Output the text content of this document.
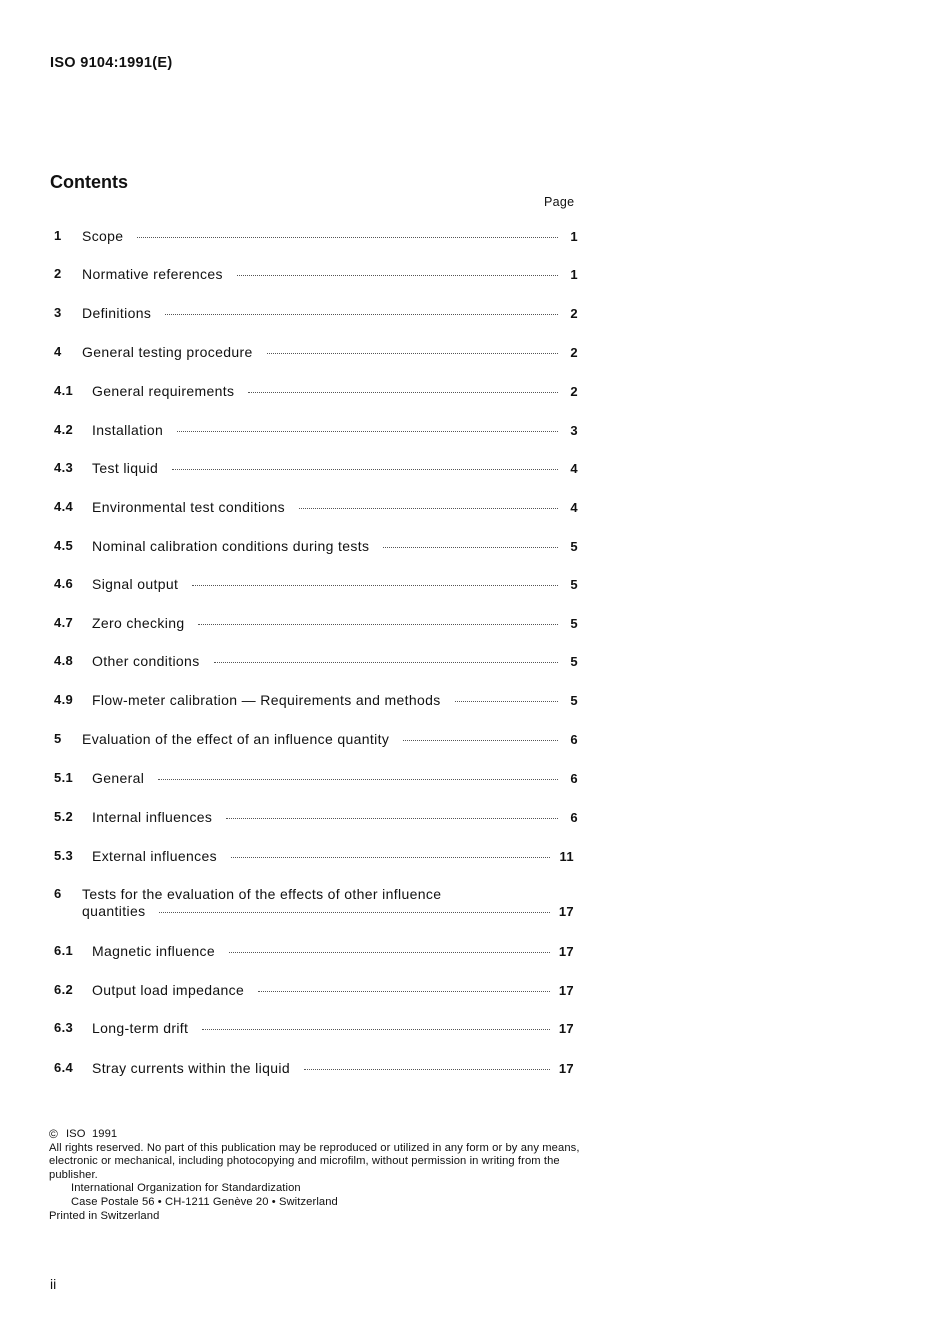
ISO 9104:1991(E)
Contents
Page
1 Scope	1
2 Normative references	1
3 Definitions	2
4 General testing procedure	2
4.1 General requirements	2
4.2 Installation	3
4.3 Test liquid	4
4.4 Environmental test conditions	4
4.5 Nominal calibration conditions during tests	5
4.6 Signal output	5
4.7 Zero checking	5
4.8 Other conditions	5
4.9 Flow-meter calibration — Requirements and methods	5
5 Evaluation of the effect of an influence quantity	6
5.1 General	6
5.2 Internal influences	6
5.3 External influences	11
6 Tests for the evaluation of the effects of other influence
quantities	17
6.1 Magnetic influence	17
6.2 Output load impedance	17
6.3 Long-term drift	17
6.4 Stray currents within the liquid	17
© ISO  1991
All rights reserved. No part of this publication may be reproduced or utilized in any form or by any means, electronic or mechanical, including photocopying and microfilm, without permission in writing from the publisher.
International Organization for Standardization
Case Postale 56 • CH-1211 Genève 20 • Switzerland
Printed in Switzerland
ii
